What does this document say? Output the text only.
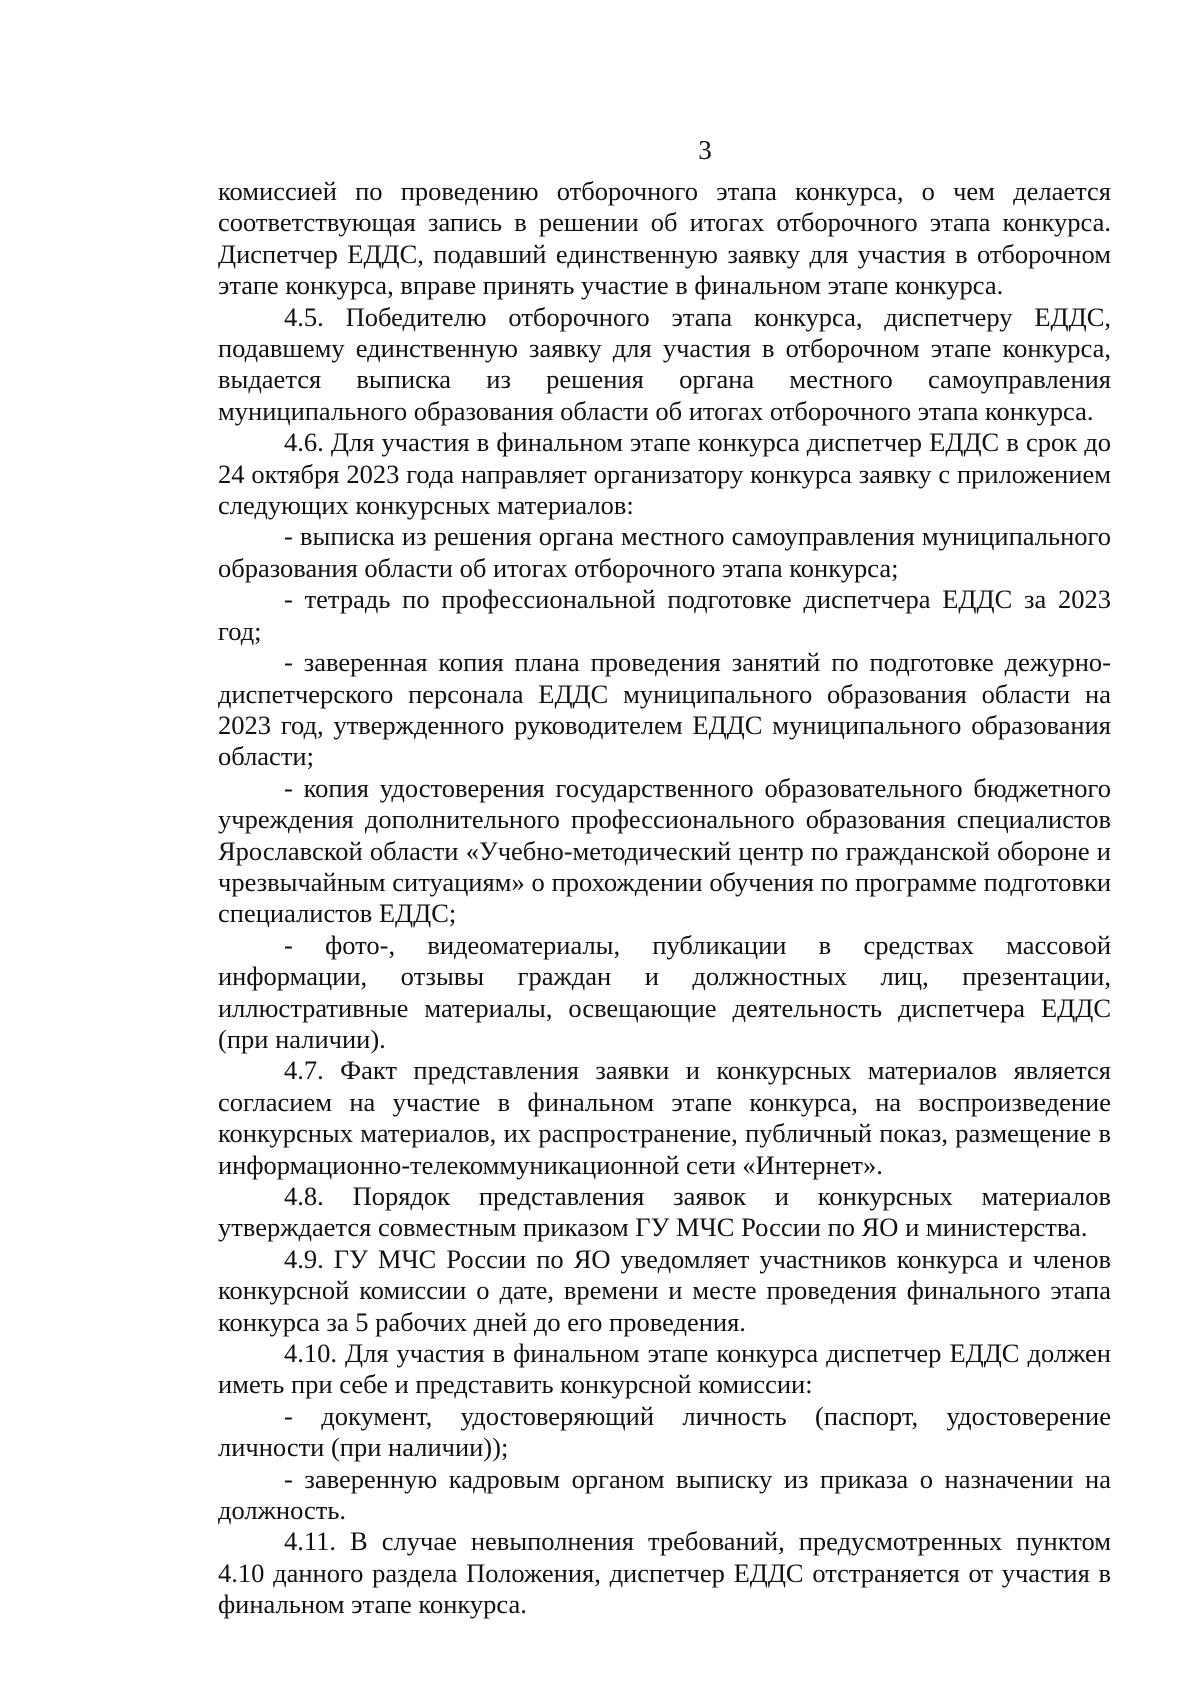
3

комиссией по проведению отборочного этапа конкурса, о чем делается соответствующая запись в решении об итогах отборочного этапа конкурса. Диспетчер ЕДДС, подавший единственную заявку для участия в отборочном этапе конкурса, вправе принять участие в финальном этапе конкурса.

4.5. Победителю отборочного этапа конкурса, диспетчеру ЕДДС, подавшему единственную заявку для участия в отборочном этапе конкурса, выдается выписка из решения органа местного самоуправления муниципального образования области об итогах отборочного этапа конкурса.

4.6. Для участия в финальном этапе конкурса диспетчер ЕДДС в срок до 24 октября 2023 года направляет организатору конкурса заявку с приложением следующих конкурсных материалов:

- выписка из решения органа местного самоуправления муниципального образования области об итогах отборочного этапа конкурса;

- тетрадь по профессиональной подготовке диспетчера ЕДДС за 2023 год;

- заверенная копия плана проведения занятий по подготовке дежурно-диспетчерского персонала ЕДДС муниципального образования области на 2023 год, утвержденного руководителем ЕДДС муниципального образования области;

- копия удостоверения государственного образовательного бюджетного учреждения дополнительного профессионального образования специалистов Ярославской области «Учебно-методический центр по гражданской обороне и чрезвычайным ситуациям» о прохождении обучения по программе подготовки специалистов ЕДДС;

- фото-, видеоматериалы, публикации в средствах массовой информации, отзывы граждан и должностных лиц, презентации, иллюстративные материалы, освещающие деятельность диспетчера ЕДДС (при наличии).

4.7. Факт представления заявки и конкурсных материалов является согласием на участие в финальном этапе конкурса, на воспроизведение конкурсных материалов, их распространение, публичный показ, размещение в информационно-телекоммуникационной сети «Интернет».

4.8. Порядок представления заявок и конкурсных материалов утверждается совместным приказом ГУ МЧС России по ЯО и министерства.

4.9. ГУ МЧС России по ЯО уведомляет участников конкурса и членов конкурсной комиссии о дате, времени и месте проведения финального этапа конкурса за 5 рабочих дней до его проведения.

4.10. Для участия в финальном этапе конкурса диспетчер ЕДДС должен иметь при себе и представить конкурсной комиссии:

- документ, удостоверяющий личность (паспорт, удостоверение личности (при наличии));

- заверенную кадровым органом выписку из приказа о назначении на должность.

4.11. В случае невыполнения требований, предусмотренных пунктом 4.10 данного раздела Положения, диспетчер ЕДДС отстраняется от участия в финальном этапе конкурса.
